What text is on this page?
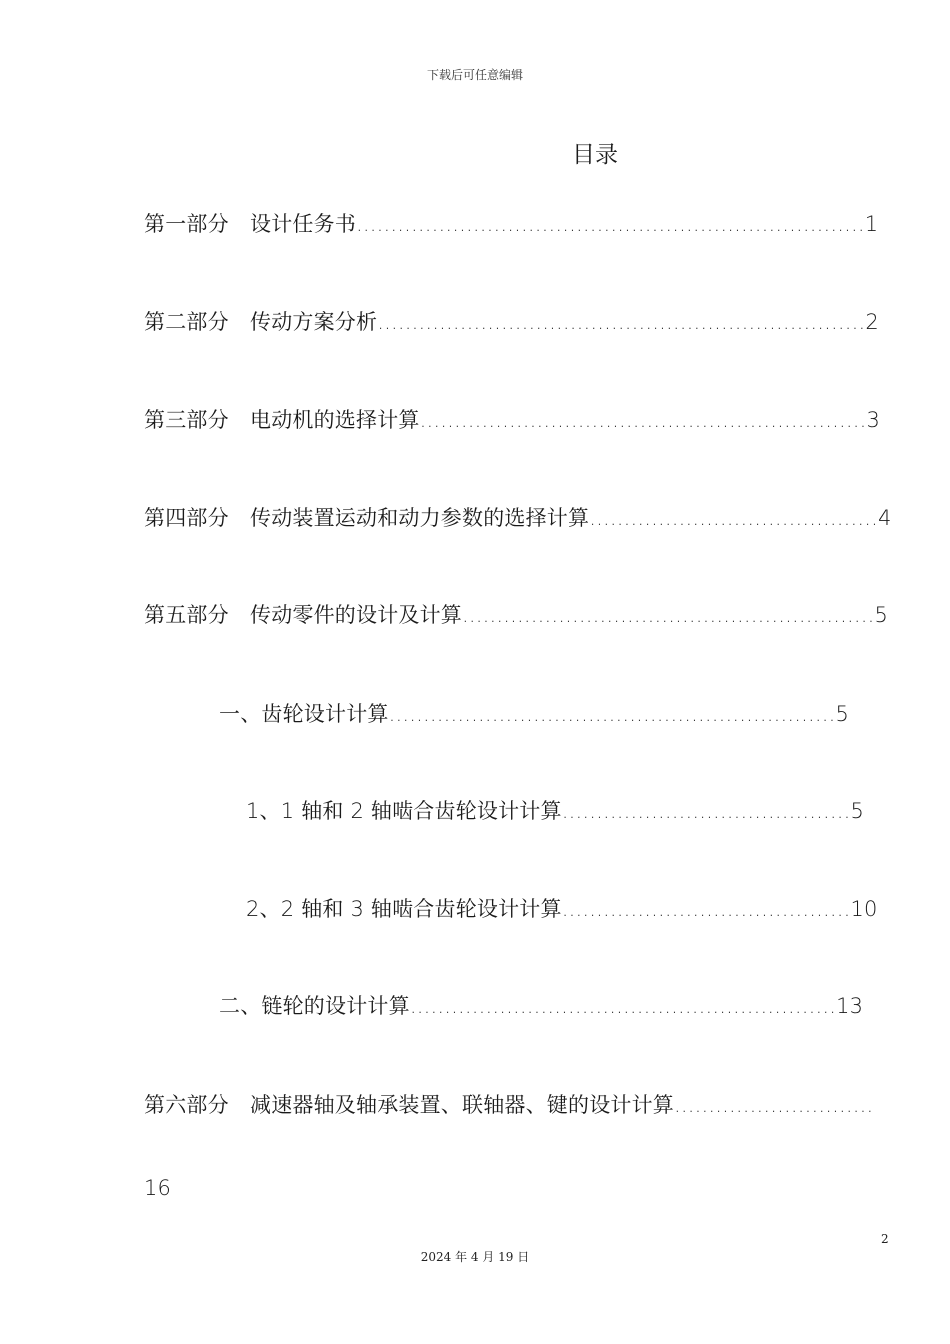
下载后可任意编辑
目录
第一部分　设计任务书..........................................................................1
第二部分　传动方案分析.......................................................................2
第三部分　电动机的选择计算.................................................................3
第四部分　传动装置运动和动力参数的选择计算..........................................4
第五部分　传动零件的设计及计算............................................................5
一、齿轮设计计算.................................................................5
1、1 轴和 2 轴啮合齿轮设计计算..........................................5
2、2 轴和 3 轴啮合齿轮设计计算..........................................10
二、链轮的设计计算..............................................................13
第六部分　减速器轴及轴承装置、联轴器、键的设计计算.............................
16
2
2024 年 4 月 19 日
